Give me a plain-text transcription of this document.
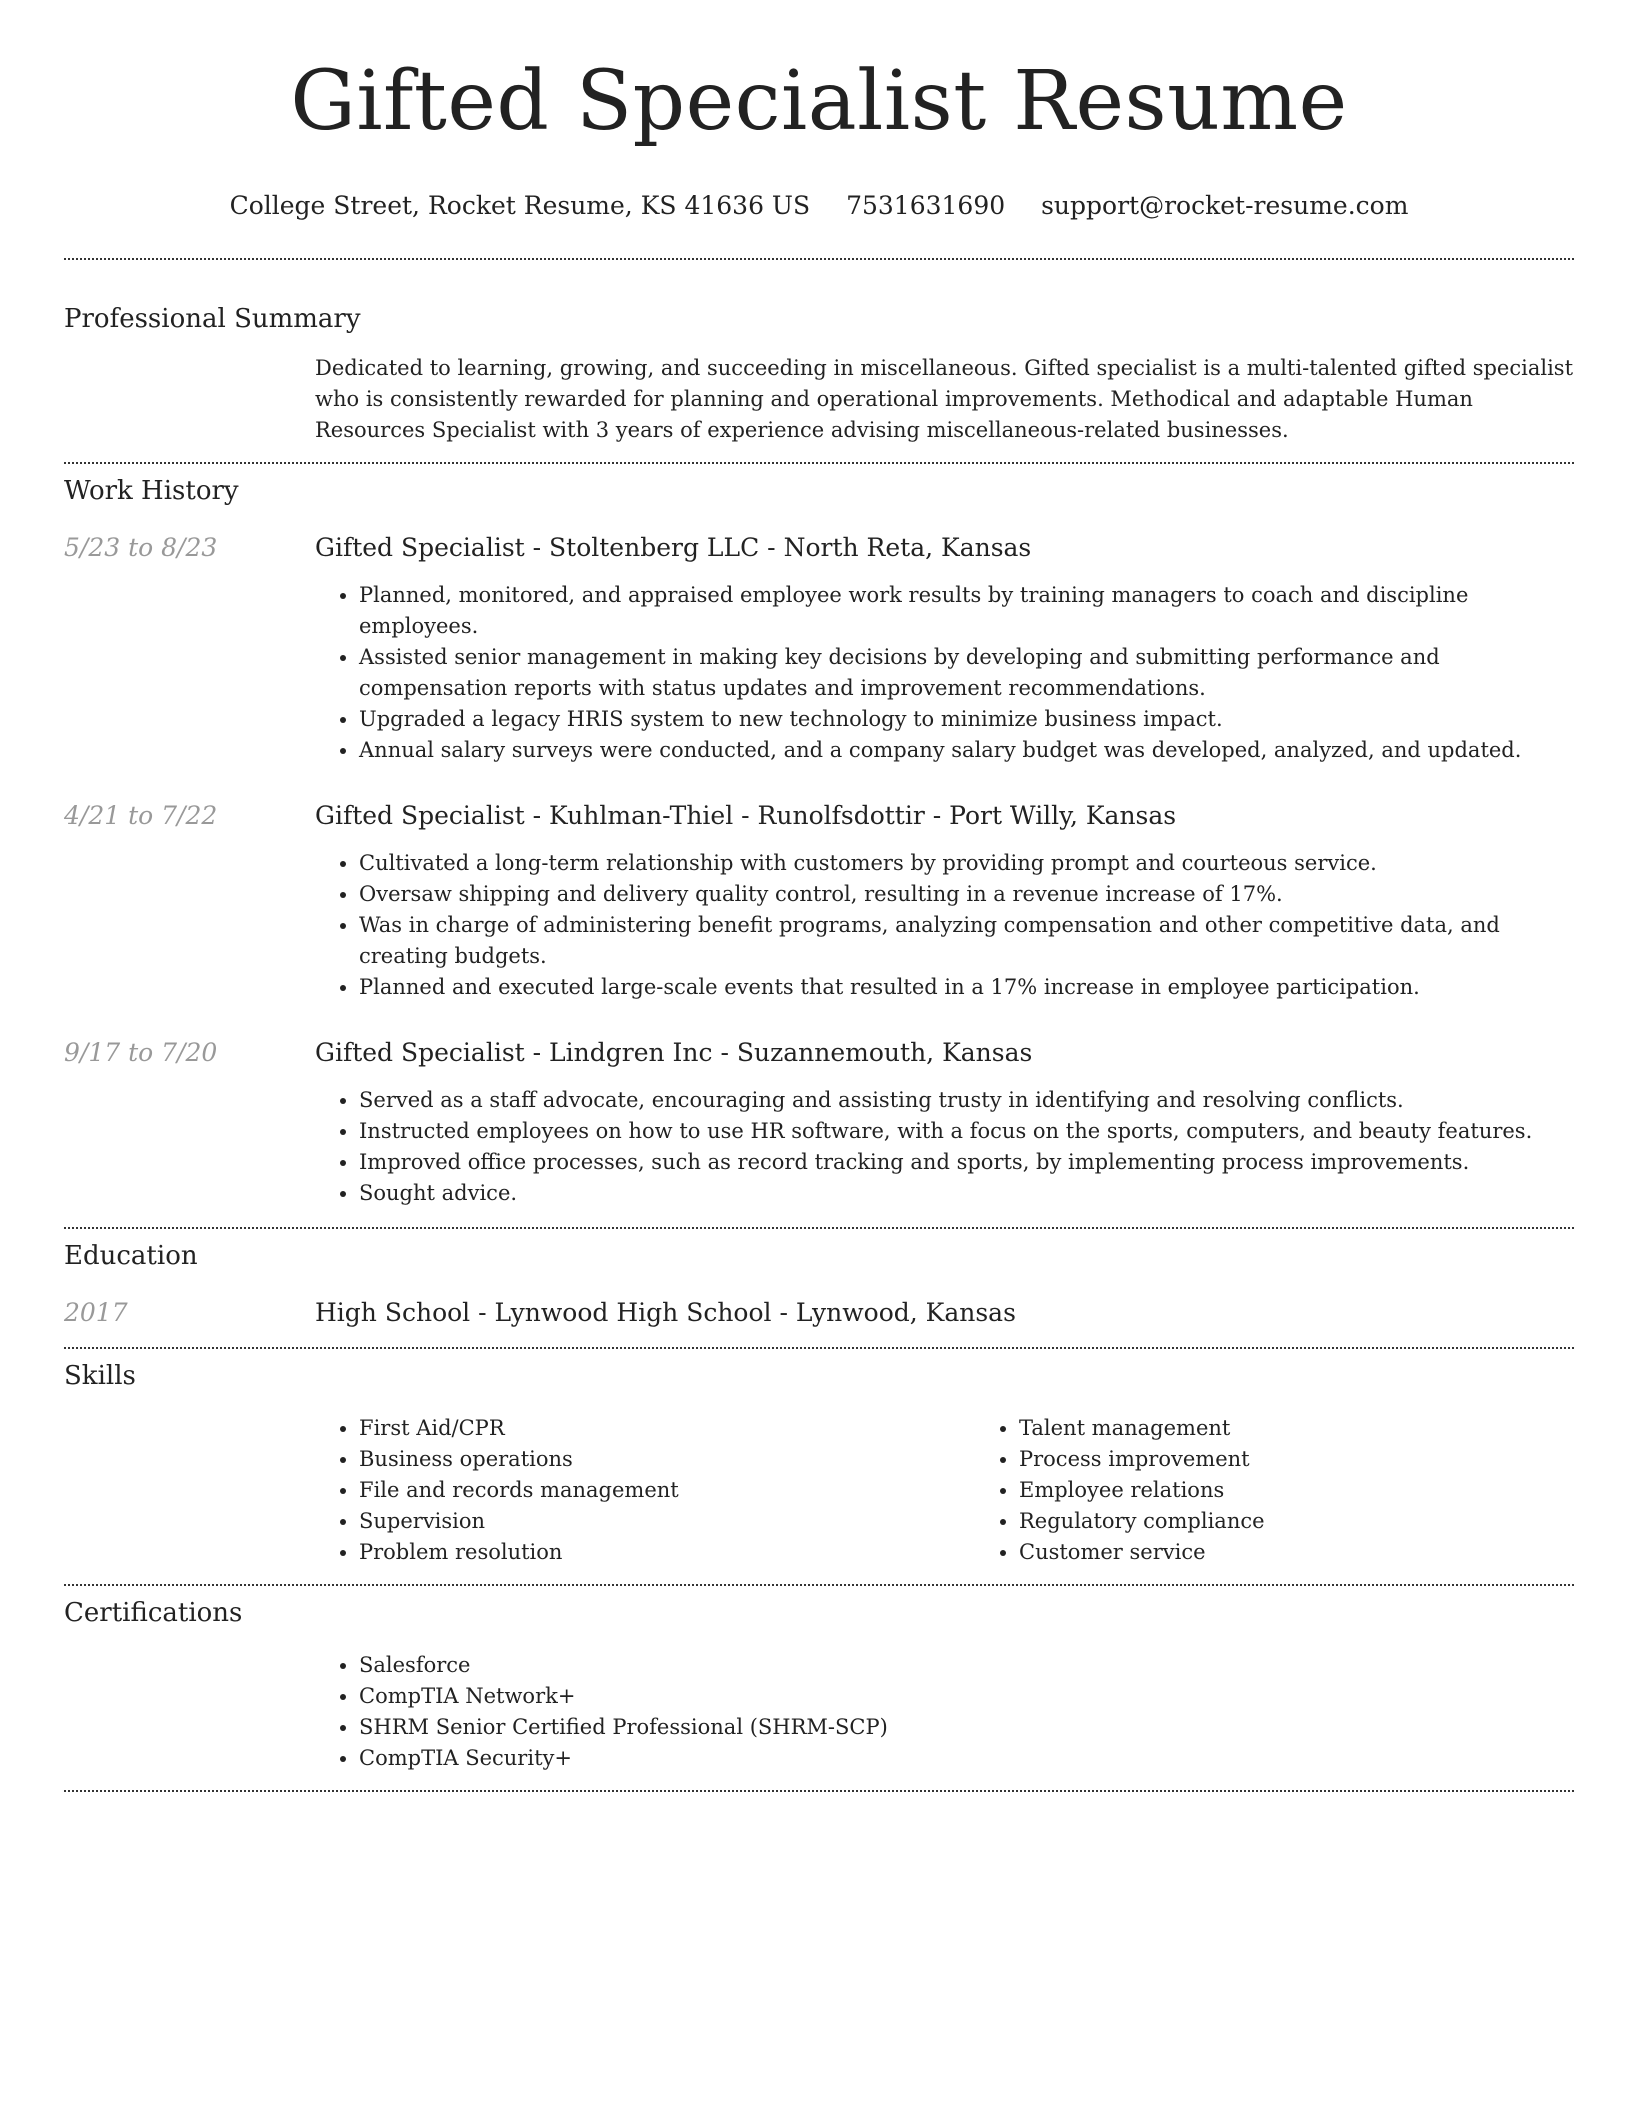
Gifted Specialist Resume
College Street, Rocket Resume, KS 41636 US 7531631690 support@rocket-resume.com
Professional Summary

Dedicated to learning, growing, and succeeding in miscellaneous. Gifted specialist is a multi-talented gifted specialist who is consistently rewarded for planning and operational improvements. Methodical and adaptable Human Resources Specialist with 3 years of experience advising miscellaneous-related businesses.

Work History
5/23 to 8/23	Gifted Specialist - Stoltenberg LLC - North Reta, Kansas
• Planned, monitored, and appraised employee work results by training managers to coach and discipline employees.
• Assisted senior management in making key decisions by developing and submitting performance and compensation reports with status updates and improvement recommendations.
• Upgraded a legacy HRIS system to new technology to minimize business impact.
• Annual salary surveys were conducted, and a company salary budget was developed, analyzed, and updated.
4/21 to 7/22	Gifted Specialist - Kuhlman-Thiel - Runolfsdottir - Port Willy, Kansas
• Cultivated a long-term relationship with customers by providing prompt and courteous service.
• Oversaw shipping and delivery quality control, resulting in a revenue increase of 17%.
• Was in charge of administering benefit programs, analyzing compensation and other competitive data, and creating budgets.
• Planned and executed large-scale events that resulted in a 17% increase in employee participation.
9/17 to 7/20	Gifted Specialist - Lindgren Inc - Suzannemouth, Kansas
• Served as a staff advocate, encouraging and assisting trusty in identifying and resolving conflicts.
• Instructed employees on how to use HR software, with a focus on the sports, computers, and beauty features.
• Improved office processes, such as record tracking and sports, by implementing process improvements.
• Sought advice.
Education
2017	High School - Lynwood High School - Lynwood, Kansas
Skills
• First Aid/CPR
• Business operations
• File and records management
• Supervision
• Problem resolution
• Talent management
• Process improvement
• Employee relations
• Regulatory compliance
• Customer service
Certifications
• Salesforce
• CompTIA Network+
• SHRM Senior Certified Professional (SHRM-SCP)
• CompTIA Security+
